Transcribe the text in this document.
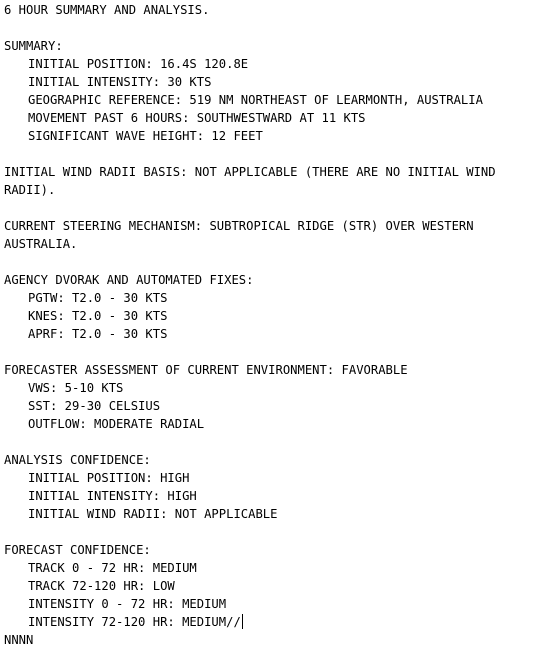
6 HOUR SUMMARY AND ANALYSIS.
SUMMARY:
INITIAL POSITION: 16.4S 120.8E
INITIAL INTENSITY: 30 KTS
GEOGRAPHIC REFERENCE: 519 NM NORTHEAST OF LEARMONTH, AUSTRALIA
MOVEMENT PAST 6 HOURS: SOUTHWESTWARD AT 11 KTS
SIGNIFICANT WAVE HEIGHT: 12 FEET
INITIAL WIND RADII BASIS: NOT APPLICABLE (THERE ARE NO INITIAL WIND
RADII).
CURRENT STEERING MECHANISM: SUBTROPICAL RIDGE (STR) OVER WESTERN
AUSTRALIA.
AGENCY DVORAK AND AUTOMATED FIXES:
PGTW: T2.0 - 30 KTS
KNES: T2.0 - 30 KTS
APRF: T2.0 - 30 KTS
FORECASTER ASSESSMENT OF CURRENT ENVIRONMENT: FAVORABLE
VWS: 5-10 KTS
SST: 29-30 CELSIUS
OUTFLOW: MODERATE RADIAL
ANALYSIS CONFIDENCE:
INITIAL POSITION: HIGH
INITIAL INTENSITY: HIGH
INITIAL WIND RADII: NOT APPLICABLE
FORECAST CONFIDENCE:
TRACK 0 - 72 HR: MEDIUM
TRACK 72-120 HR: LOW
INTENSITY 0 - 72 HR: MEDIUM
INTENSITY 72-120 HR: MEDIUM//
NNNN
